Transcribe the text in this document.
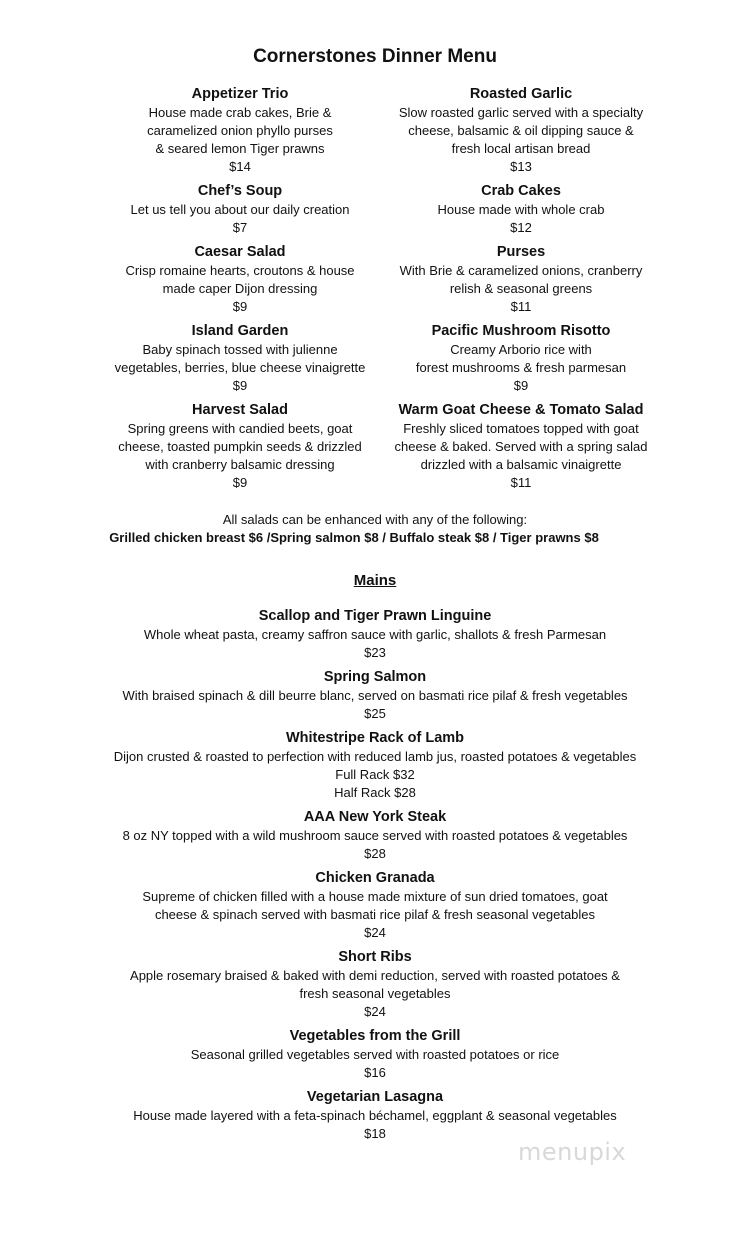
Cornerstones Dinner Menu
Appetizer Trio
House made crab cakes, Brie &
caramelized onion phyllo purses
& seared lemon Tiger prawns
$14
Chef’s Soup
Let us tell you about our daily creation
$7
Caesar Salad
Crisp romaine hearts, croutons & house
made caper Dijon dressing
$9
Island Garden
Baby spinach tossed with julienne
vegetables, berries, blue cheese vinaigrette
$9
Harvest Salad
Spring greens with candied beets, goat
cheese, toasted pumpkin seeds & drizzled
with cranberry balsamic dressing
$9
Roasted Garlic
Slow roasted garlic served with a specialty
cheese, balsamic & oil dipping sauce &
fresh local artisan bread
$13
Crab Cakes
House made with whole crab
$12
Purses
With Brie & caramelized onions, cranberry
relish & seasonal greens
$11
Pacific Mushroom Risotto
Creamy Arborio rice with
forest mushrooms & fresh parmesan
$9
Warm Goat Cheese & Tomato Salad
Freshly sliced tomatoes topped with goat
cheese & baked. Served with a spring salad
drizzled with a balsamic vinaigrette
$11
All salads can be enhanced with any of the following:
Grilled chicken breast $6 /Spring salmon $8 / Buffalo steak $8 / Tiger prawns $8
Mains
Scallop and Tiger Prawn Linguine
Whole wheat pasta, creamy saffron sauce with garlic, shallots & fresh Parmesan
$23
Spring Salmon
With braised spinach & dill beurre blanc, served on basmati rice pilaf & fresh vegetables
$25
Whitestripe Rack of Lamb
Dijon crusted & roasted to perfection with reduced lamb jus, roasted potatoes & vegetables
Full Rack $32
Half Rack $28
AAA New York Steak
8 oz NY topped with a wild mushroom sauce served with roasted potatoes & vegetables
$28
Chicken Granada
Supreme of chicken filled with a house made mixture of sun dried tomatoes, goat
cheese & spinach served with basmati rice pilaf & fresh seasonal vegetables
$24
Short Ribs
Apple rosemary braised & baked with demi reduction, served with roasted potatoes &
fresh seasonal vegetables
$24
Vegetables from the Grill
Seasonal grilled vegetables served with roasted potatoes or rice
$16
Vegetarian Lasagna
House made layered with a feta-spinach béchamel, eggplant & seasonal vegetables
$18
menupix
